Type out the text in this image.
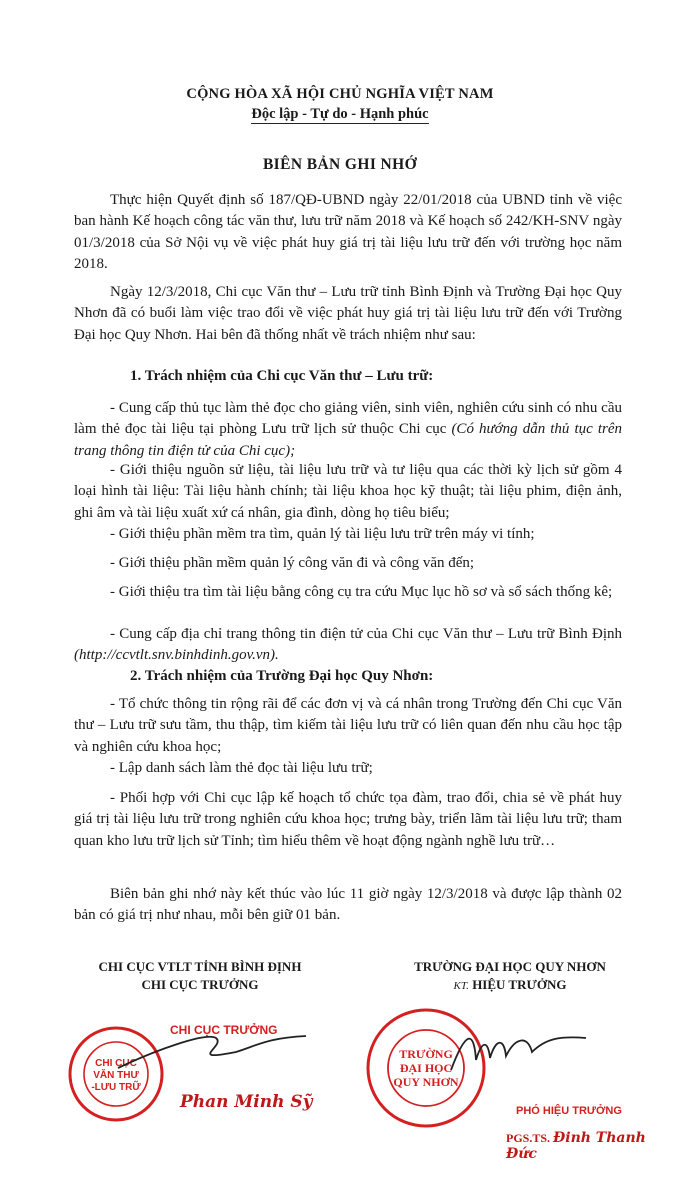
CỘNG HÒA XÃ HỘI CHỦ NGHĨA VIỆT NAM
Độc lập - Tự do - Hạnh phúc
BIÊN BẢN GHI NHỚ

Thực hiện Quyết định số 187/QĐ-UBND ngày 22/01/2018 của UBND tỉnh về việc ban hành Kế hoạch công tác văn thư, lưu trữ năm 2018 và Kế hoạch số 242/KH-SNV ngày 01/3/2018 của Sở Nội vụ về việc phát huy giá trị tài liệu lưu trữ đến với trường học năm 2018.

Ngày 12/3/2018, Chi cục Văn thư – Lưu trữ tỉnh Bình Định và Trường Đại học Quy Nhơn đã có buổi làm việc trao đổi về việc phát huy giá trị tài liệu lưu trữ đến với Trường Đại học Quy Nhơn. Hai bên đã thống nhất về trách nhiệm như sau:

1. Trách nhiệm của Chi cục Văn thư – Lưu trữ:

- Cung cấp thủ tục làm thẻ đọc cho giảng viên, sinh viên, nghiên cứu sinh có nhu cầu làm thẻ đọc tài liệu tại phòng Lưu trữ lịch sử thuộc Chi cục (Có hướng dẫn thủ tục trên trang thông tin điện tử của Chi cục);

- Giới thiệu nguồn sử liệu, tài liệu lưu trữ và tư liệu qua các thời kỳ lịch sử gồm 4 loại hình tài liệu: Tài liệu hành chính; tài liệu khoa học kỹ thuật; tài liệu phim, điện ảnh, ghi âm và tài liệu xuất xứ cá nhân, gia đình, dòng họ tiêu biểu;

- Giới thiệu phần mềm tra tìm, quản lý tài liệu lưu trữ trên máy vi tính;

- Giới thiệu phần mềm quản lý công văn đi và công văn đến;

- Giới thiệu tra tìm tài liệu bằng công cụ tra cứu Mục lục hồ sơ và sổ sách thống kê;

- Cung cấp địa chỉ trang thông tin điện tử của Chi cục Văn thư – Lưu trữ Bình Định (http://ccvtlt.snv.binhdinh.gov.vn).

2. Trách nhiệm của Trường Đại học Quy Nhơn:

- Tổ chức thông tin rộng rãi để các đơn vị và cá nhân trong Trường đến Chi cục Văn thư – Lưu trữ sưu tầm, thu thập, tìm kiếm tài liệu lưu trữ có liên quan đến nhu cầu học tập và nghiên cứu khoa học;

- Lập danh sách làm thẻ đọc tài liệu lưu trữ;

- Phối hợp với Chi cục lập kế hoạch tổ chức tọa đàm, trao đổi, chia sẻ về phát huy giá trị tài liệu lưu trữ trong nghiên cứu khoa học; trưng bày, triển lãm tài liệu lưu trữ; tham quan kho lưu trữ lịch sử Tỉnh; tìm hiểu thêm về hoạt động ngành nghề lưu trữ…

Biên bản ghi nhớ này kết thúc vào lúc 11 giờ ngày 12/3/2018 và được lập thành 02 bản có giá trị như nhau, mỗi bên giữ 01 bản.

CHI CỤC VTLT TỈNH BÌNH ĐỊNH
CHI CỤC TRƯỞNG
CHI CỤC TRƯỞNG
CHI CỤC
VĂN THƯ
-LƯU TRỮ
Phan Minh Sỹ
TRƯỜNG ĐẠI HỌC QUY NHƠN
KT. HIỆU TRƯỞNG
TRƯỜNG
ĐẠI HỌC
QUY NHƠN
PHÓ HIỆU TRƯỞNG
PGS.TS. Đinh Thanh Đức
